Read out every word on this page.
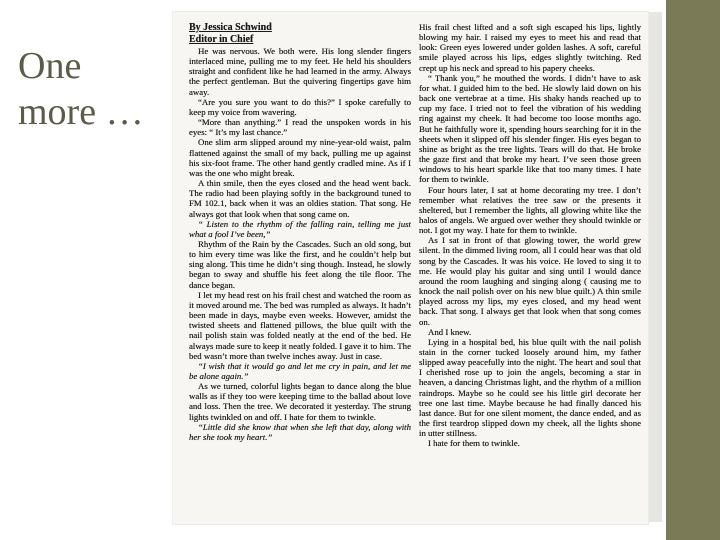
One
more …

By Jessica Schwind

Editor in Chief

He was nervous. We both were. His long slender fingers interlaced mine, pulling me to my feet. He held his shoulders straight and confident like he had learned in the army. Always the perfect gentleman. But the quivering fingertips gave him away.

“Are you sure you want to do this?” I spoke carefully to keep my voice from wavering.

“More than anything.” I read the unspoken words in his eyes: “ It’s my last chance.”

One slim arm slipped around my nine-year-old waist, palm flattened against the small of my back, pulling me up against his six-foot frame. The other hand gently cradled mine. As if I was the one who might break.

A thin smile, then the eyes closed and the head went back. The radio had been playing softly in the background tuned to FM 102.1, back when it was an oldies station. That song. He always got that look when that song came on.

“ Listen to the rhythm of the falling rain, telling me just what a fool I’ve been,”

Rhythm of the Rain by the Cascades. Such an old song, but to him every time was like the first, and he couldn’t help but sing along. This time he didn’t sing though. Instead, he slowly began to sway and shuffle his feet along the tile floor. The dance began.

I let my head rest on his frail chest and watched the room as it moved around me. The bed was rumpled as always. It hadn’t been made in days, maybe even weeks. However, amidst the twisted sheets and flattened pillows, the blue quilt with the nail polish stain was folded neatly at the end of the bed. He always made sure to keep it neatly folded. I gave it to him. The bed wasn’t more than twelve inches away. Just in case.

“I wish that it would go and let me cry in pain, and let me be alone again.”

As we turned, colorful lights began to dance along the blue walls as if they too were keeping time to the ballad about love and loss. Then the tree. We decorated it yesterday. The strung lights twinkled on and off. I hate for them to twinkle.

“Little did she know that when she left that day, along with her she took my heart.”

His frail chest lifted and a soft sigh escaped his lips, lightly blowing my hair. I raised my eyes to meet his and read that look: Green eyes lowered under golden lashes. A soft, careful smile played across his lips, edges slightly twitching. Red crept up his neck and spread to his papery cheeks.

“ Thank you,” he mouthed the words. I didn’t have to ask for what. I guided him to the bed. He slowly laid down on his back one vertebrae at a time. His shaky hands reached up to cup my face. I tried not to feel the vibration of his wedding ring against my cheek. It had become too loose months ago. But he faithfully wore it, spending hours searching for it in the sheets when it slipped off his slender finger. His eyes began to shine as bright as the tree lights. Tears will do that. He broke the gaze first and that broke my heart. I’ve seen those green windows to his heart sparkle like that too many times. I hate for them to twinkle.

Four hours later, I sat at home decorating my tree. I don’t remember what relatives the tree saw or the presents it sheltered, but I remember the lights, all glowing white like the halos of angels. We argued over wether they should twinkle or not. I got my way. I hate for them to twinkle.

As I sat in front of that glowing tower, the world grew silent. In the dimmed living room, all I could hear was that old song by the Cascades. It was his voice. He loved to sing it to me. He would play his guitar and sing until I would dance around the room laughing and singing along ( causing me to knock the nail polish over on his new blue quilt.) A thin smile played across my lips, my eyes closed, and my head went back. That song. I always get that look when that song comes on.

And I knew.

Lying in a hospital bed, his blue quilt with the nail polish stain in the corner tucked loosely around him, my father slipped away peacefully into the night. The heart and soul that I cherished rose up to join the angels, becoming a star in heaven, a dancing Christmas light, and the rhythm of a million raindrops. Maybe so he could see his little girl decorate her tree one last time. Maybe because he had finally danced his last dance. But for one silent moment, the dance ended, and as the first teardrop slipped down my cheek, all the lights shone in utter stillness.

I hate for them to twinkle.
